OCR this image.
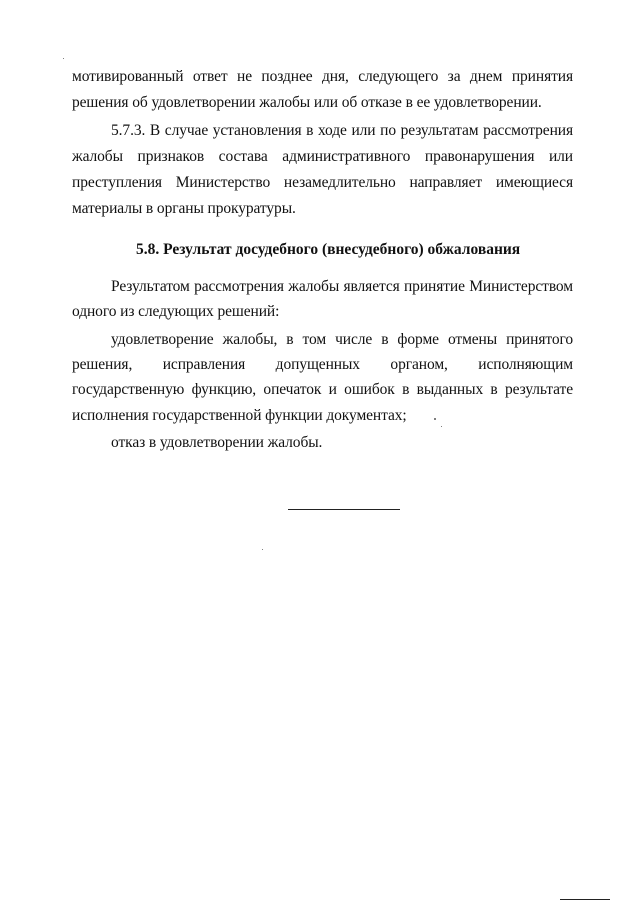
мотивированный ответ не позднее дня, следующего за днем принятия
решения об удовлетворении жалобы или об отказе в ее удовлетворении.
5.7.3. В случае установления в ходе или по результатам рассмотрения
жалобы признаков состава административного правонарушения или
преступления Министерство незамедлительно направляет имеющиеся
материалы в органы прокуратуры.
5.8. Результат досудебного (внесудебного) обжалования
Результатом рассмотрения жалобы является принятие Министерством
одного из следующих решений:
удовлетворение жалобы, в том числе в форме отмены принятого
решения, исправления допущенных органом, исполняющим
государственную функцию, опечаток и ошибок в выданных в результате
исполнения государственной функции документах;
отказ в удовлетворении жалобы.
